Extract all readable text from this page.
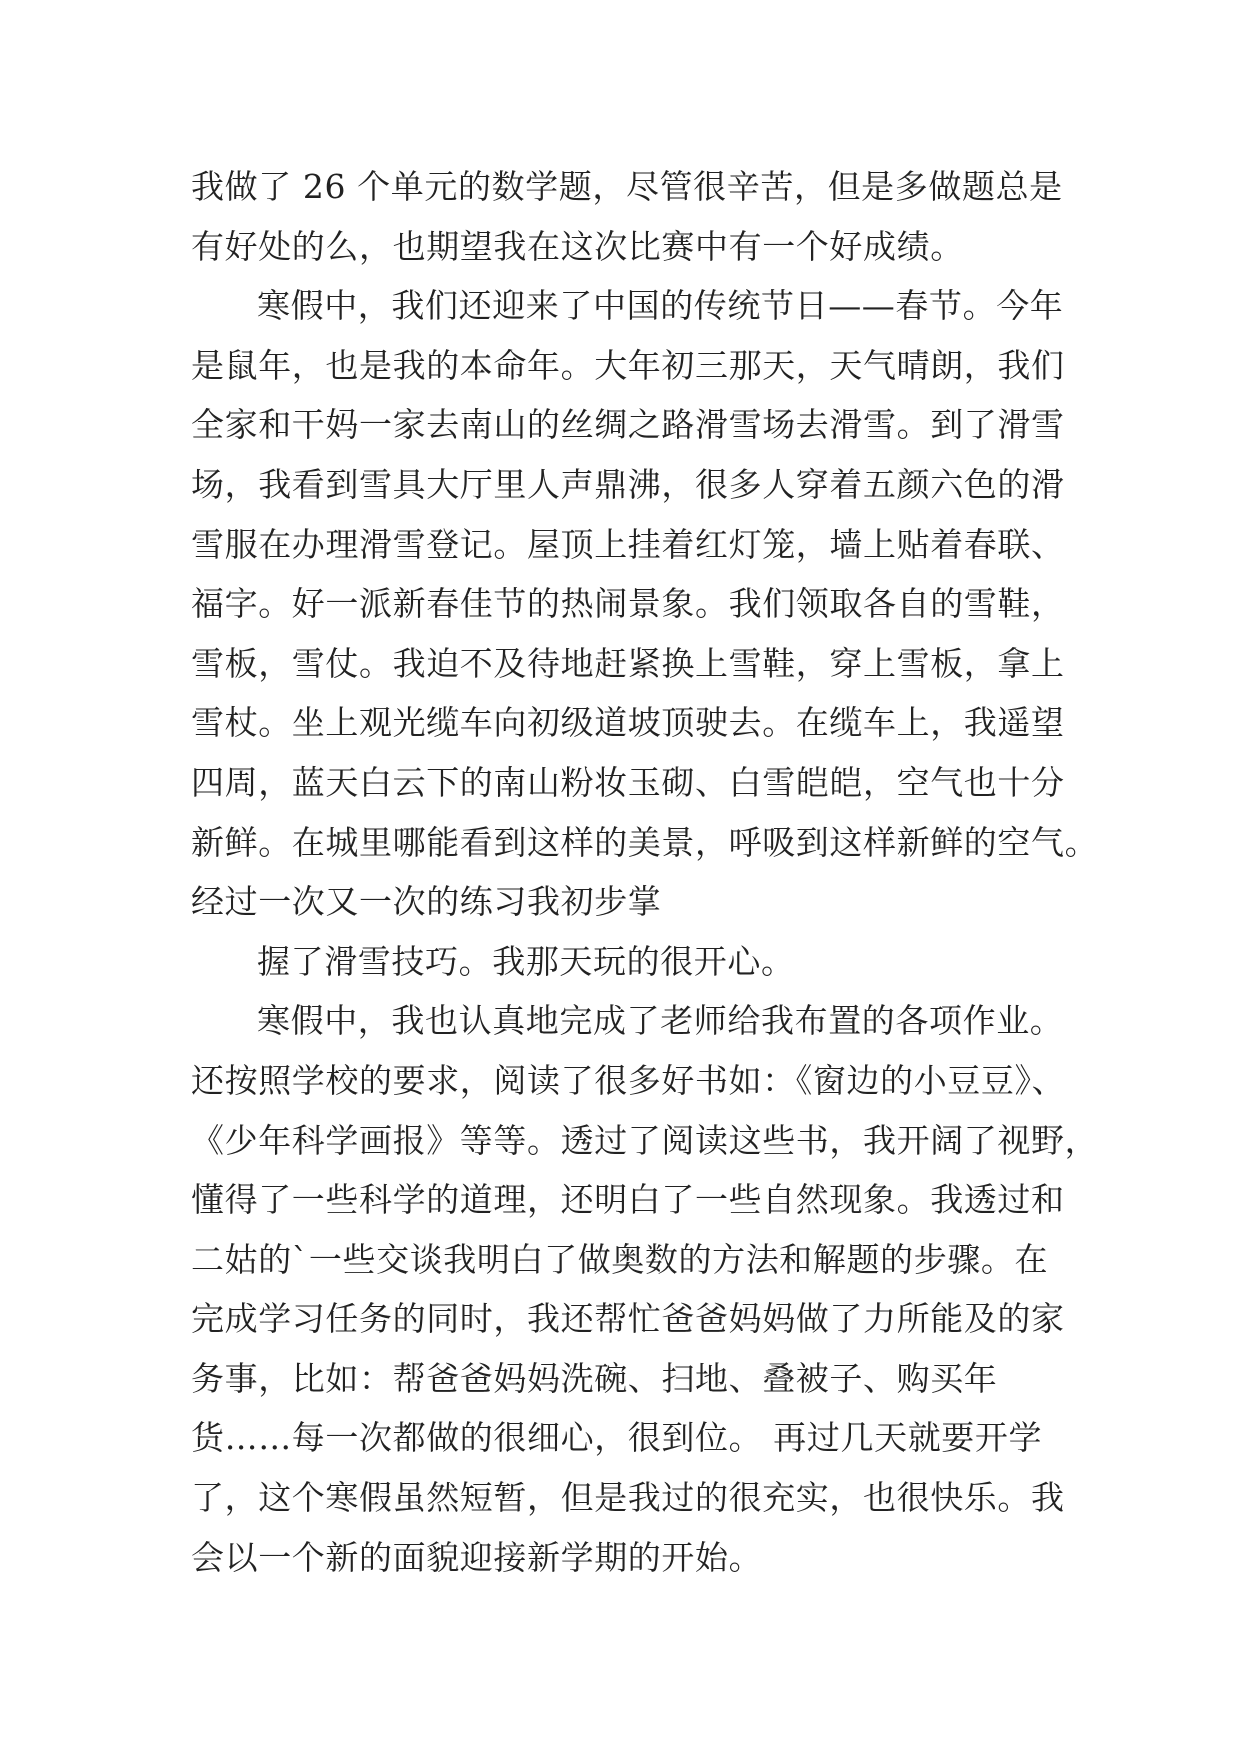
我做了 26 个单元的数学题，尽管很辛苦，但是多做题总是
有好处的么，也期望我在这次比赛中有一个好成绩。
寒假中，我们还迎来了中国的传统节日——春节。今年
是鼠年，也是我的本命年。大年初三那天，天气晴朗，我们
全家和干妈一家去南山的丝绸之路滑雪场去滑雪。到了滑雪
场，我看到雪具大厅里人声鼎沸，很多人穿着五颜六色的滑
雪服在办理滑雪登记。屋顶上挂着红灯笼，墙上贴着春联、
福字。好一派新春佳节的热闹景象。我们领取各自的雪鞋，
雪板，雪仗。我迫不及待地赶紧换上雪鞋，穿上雪板，拿上
雪杖。坐上观光缆车向初级道坡顶驶去。在缆车上，我遥望
四周，蓝天白云下的南山粉妆玉砌、白雪皑皑，空气也十分
新鲜。在城里哪能看到这样的美景，呼吸到这样新鲜的空气。
经过一次又一次的练习我初步掌
握了滑雪技巧。我那天玩的很开心。
寒假中，我也认真地完成了老师给我布置的各项作业。
还按照学校的要求，阅读了很多好书如：《窗边的小豆豆》、
《少年科学画报》等等。透过了阅读这些书，我开阔了视野，
懂得了一些科学的道理，还明白了一些自然现象。我透过和
二姑的`一些交谈我明白了做奥数的方法和解题的步骤。在
完成学习任务的同时，我还帮忙爸爸妈妈做了力所能及的家
务事，比如：帮爸爸妈妈洗碗、扫地、叠被子、购买年
货……每一次都做的很细心，很到位。 再过几天就要开学
了，这个寒假虽然短暂，但是我过的很充实，也很快乐。我
会以一个新的面貌迎接新学期的开始。
